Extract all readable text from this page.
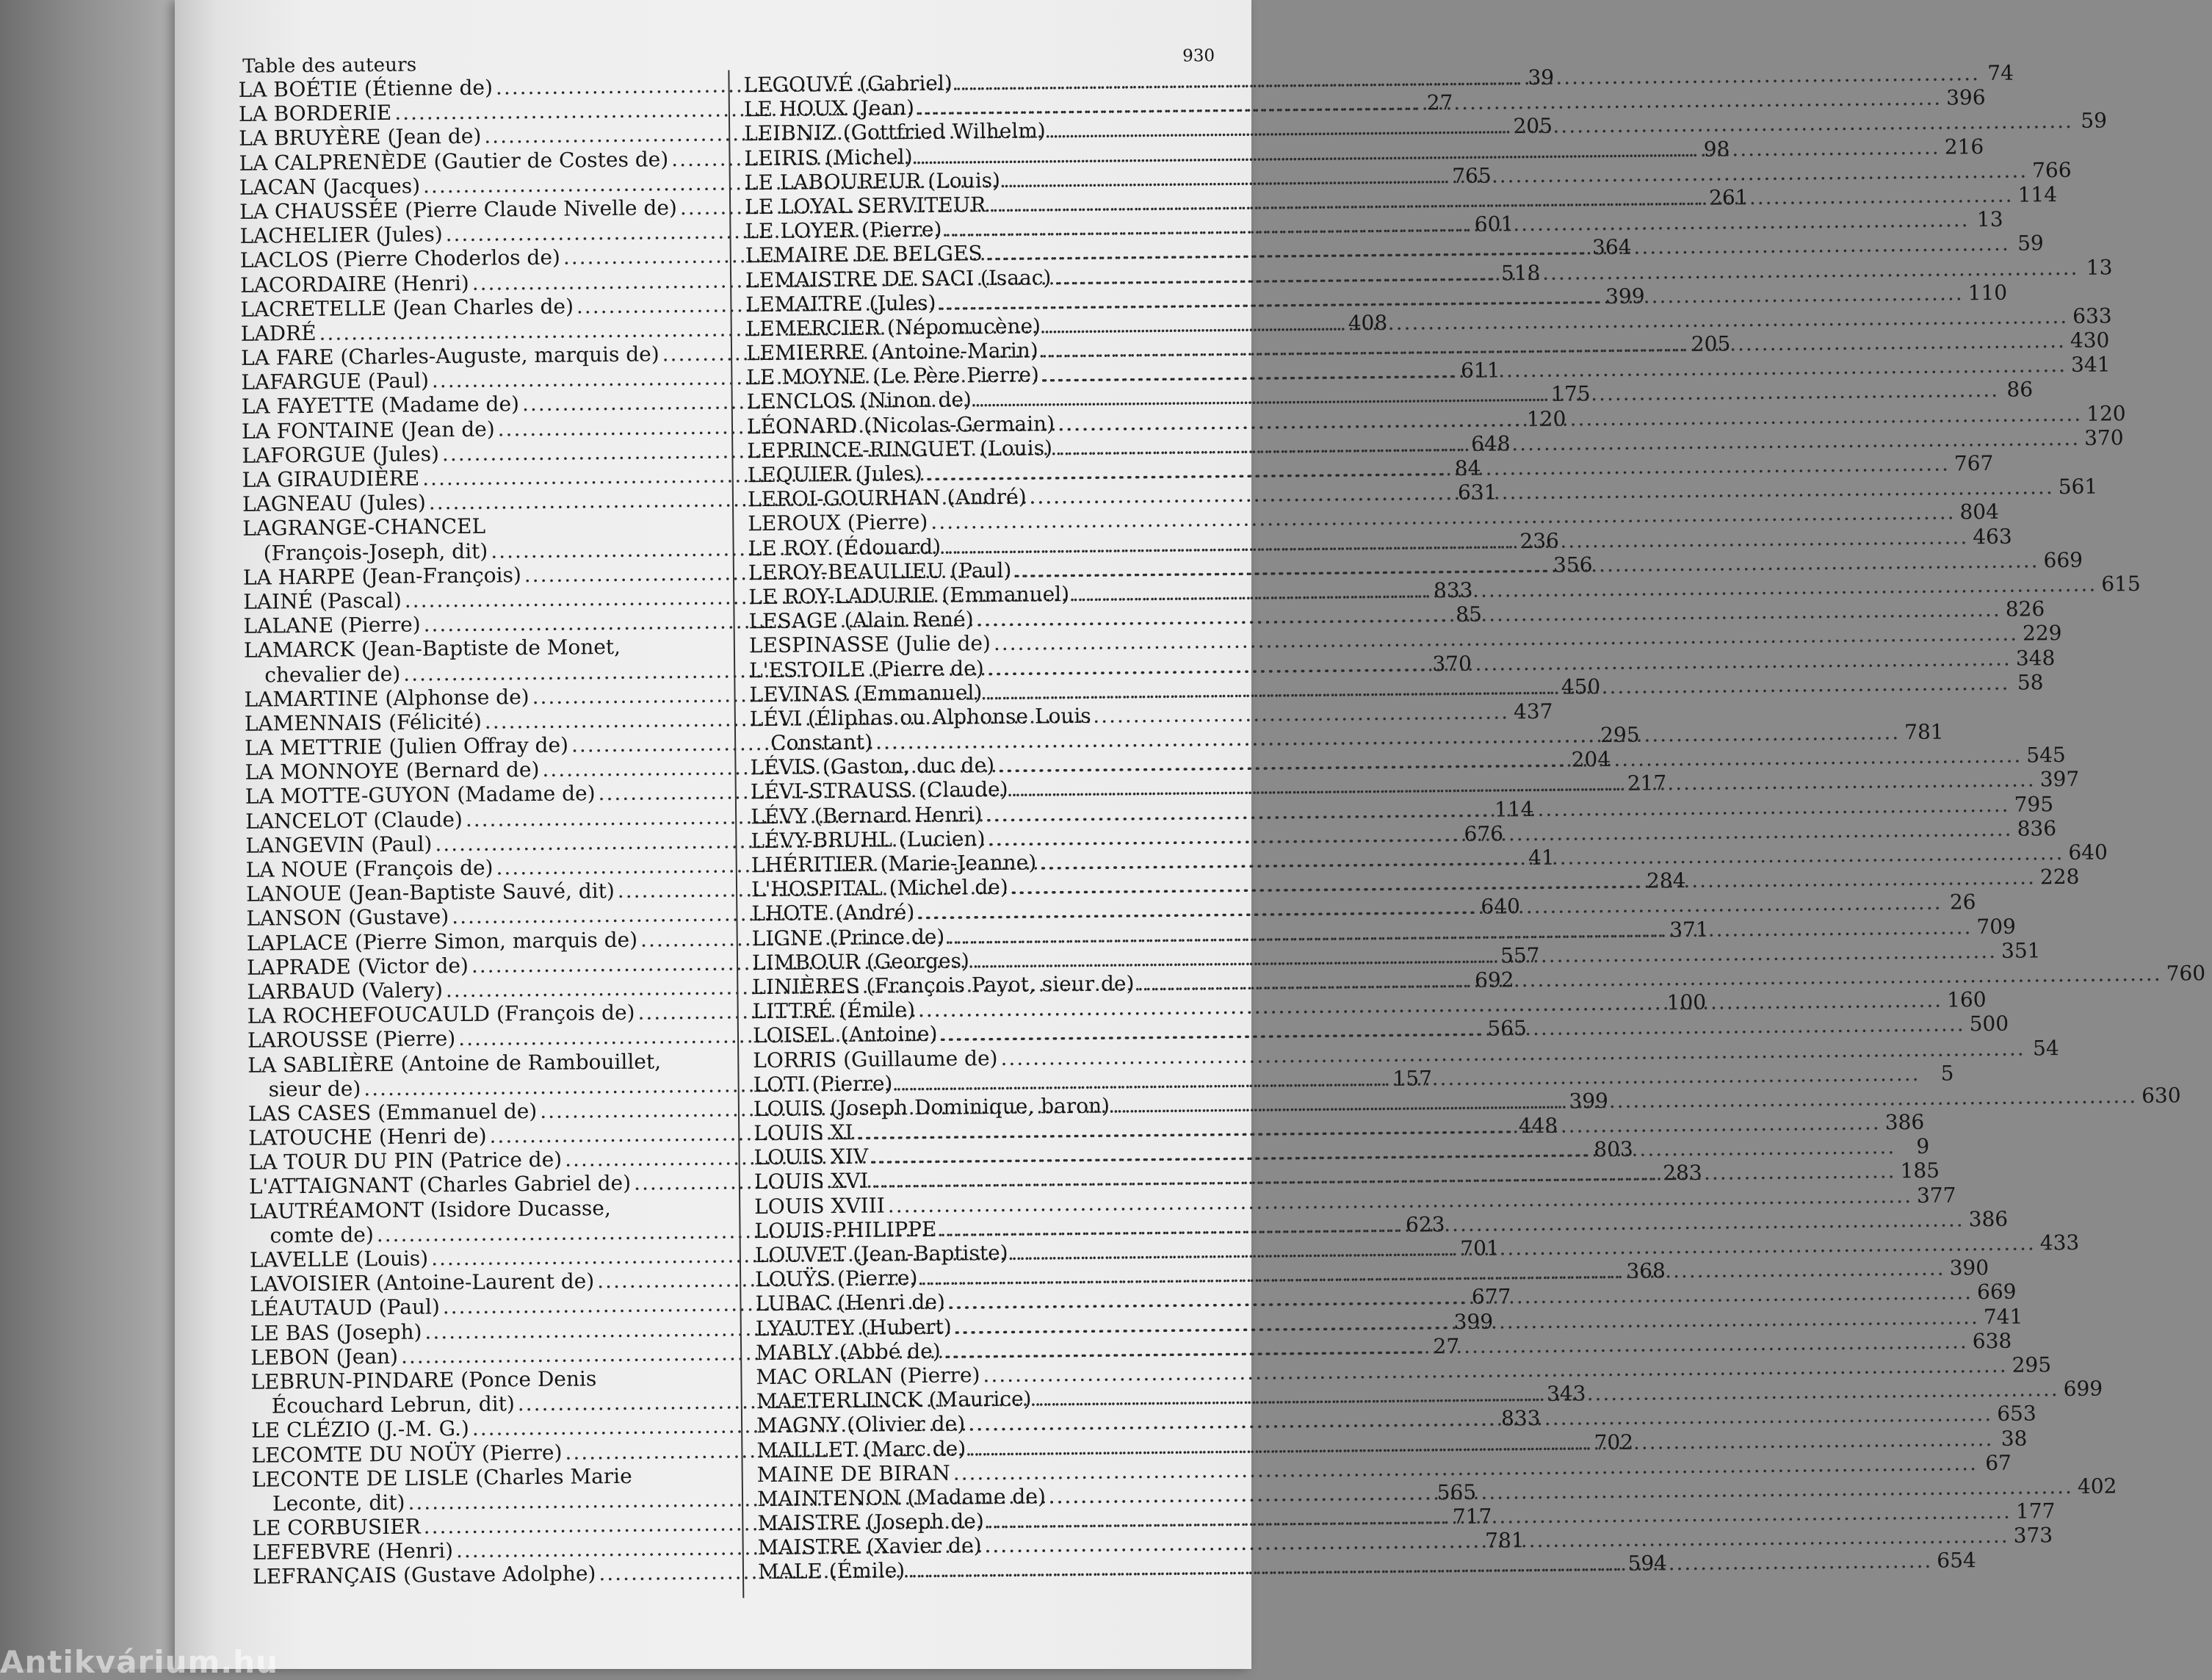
Table des auteurs	930
LA BOÉTIE (Étienne de) .....	39
LA BORDERIE .....	27
LA BRUYÈRE (Jean de) .....	205
LA CALPRENÈDE (Gautier de Costes de) .....	98
LACAN (Jacques) .....	765
LA CHAUSSÉE (Pierre Claude Nivelle de) .....	261
LACHELIER (Jules) .....	601
LACLOS (Pierre Choderlos de) .....	364
LACORDAIRE (Henri) .....	518
LACRETELLE (Jean Charles de) .....	399
LADRÉ .....	408
LA FARE (Charles-Auguste, marquis de) .....	205
LAFARGUE (Paul) .....	611
LA FAYETTE (Madame de) .....	175
LA FONTAINE (Jean de) .....	120
LAFORGUE (Jules) .....	648
LA GIRAUDIÈRE .....	84
LAGNEAU (Jules) .....	631
LAGRANGE-CHANCEL
(François-Joseph, dit) .....	236
LA HARPE (Jean-François) .....	356
LAINÉ (Pascal) .....	833
LALANE (Pierre) .....	85
LAMARCK (Jean-Baptiste de Monet,
chevalier de) .....	370
LAMARTINE (Alphonse de) .....	450
LAMENNAIS (Félicité) .....	437
LA METTRIE (Julien Offray de) .....	295
LA MONNOYE (Bernard de) .....	204
LA MOTTE-GUYON (Madame de) .....	217
LANCELOT (Claude) .....	114
LANGEVIN (Paul) .....	676
LA NOUE (François de) .....	41
LANOUE (Jean-Baptiste Sauvé, dit) .....	284
LANSON (Gustave) .....	640
LAPLACE (Pierre Simon, marquis de) .....	371
LAPRADE (Victor de) .....	557
LARBAUD (Valery) .....	692
LA ROCHEFOUCAULD (François de) .....	100
LAROUSSE (Pierre) .....	565
LA SABLIÈRE (Antoine de Rambouillet,
sieur de) .....	157
LAS CASES (Emmanuel de) .....	399
LATOUCHE (Henri de) .....	448
LA TOUR DU PIN (Patrice de) .....	803
L'ATTAIGNANT (Charles Gabriel de) .....	283
LAUTRÉAMONT (Isidore Ducasse,
comte de) .....	623
LAVELLE (Louis) .....	701
LAVOISIER (Antoine-Laurent de) .....	368
LÉAUTAUD (Paul) .....	677
LE BAS (Joseph) .....	399
LEBON (Jean) .....	27
LEBRUN-PINDARE (Ponce Denis
Écouchard Lebrun, dit) .....	343
LE CLÉZIO (J.-M. G.) .....	833
LECOMTE DU NOÜY (Pierre) .....	702
LECONTE DE LISLE (Charles Marie
Leconte, dit) .....	565
LE CORBUSIER .....	717
LEFEBVRE (Henri) .....	781
LEFRANÇAIS (Gustave Adolphe) .....	594
LEGOUVÉ (Gabriel) .....	74
LE HOUX (Jean) .....	396
LEIBNIZ (Gottfried Wilhelm) .....	59
LEIRIS (Michel) .....	216
LE LABOUREUR (Louis) .....	766
LE LOYAL SERVITEUR .....	114
LE LOYER (Pierre) .....	13
LEMAIRE DE BELGES .....	59
LEMAISTRE DE SACI (Isaac) .....	13
LEMAITRE (Jules) .....	110
LEMERCIER (Népomucène) .....	633
LEMIERRE (Antoine-Marin) .....	430
LE MOYNE (Le Père Pierre) .....	341
LENCLOS (Ninon de) .....	86
LÉONARD (Nicolas-Germain) .....	120
LEPRINCE-RINGUET (Louis) .....	370
LEQUIER (Jules) .....	767
LEROI-GOURHAN (André) .....	561
LEROUX (Pierre) .....	804
LE ROY (Édouard) .....	463
LEROY-BEAULIEU (Paul) .....	669
LE ROY-LADURIE (Emmanuel) .....	615
LESAGE (Alain René) .....	826
LESPINASSE (Julie de) .....	229
L'ESTOILE (Pierre de) .....	348
LEVINAS (Emmanuel) .....	58
LÉVI (Éliphas ou Alphonse Louis
Constant) .....	781
LÉVIS (Gaston, duc de) .....	545
LÉVI-STRAUSS (Claude) .....	397
LÉVY (Bernard Henri) .....	795
LÉVY-BRUHL (Lucien) .....	836
LHÉRITIER (Marie-Jeanne) .....	640
L'HOSPITAL (Michel de) .....	228
LHOTE (André) .....	26
LIGNE (Prince de) .....	709
LIMBOUR (Georges) .....	351
LINIÈRES (François Payot, sieur de) .....	760
LITTRÉ (Émile) .....	160
LOISEL (Antoine) .....	500
LORRIS (Guillaume de) .....	54
LOTI (Pierre) .....	5
LOUIS (Joseph Dominique, baron) .....	630
LOUIS XI .....	386
LOUIS XIV .....	9
LOUIS XVI .....	185
LOUIS XVIII .....	377
LOUIS-PHILIPPE .....	386
LOUVET (Jean-Baptiste) .....	433
LOUŸS (Pierre) .....	390
LUBAC (Henri de) .....	669
LYAUTEY (Hubert) .....	741
MABLY (Abbé de) .....	638
MAC ORLAN (Pierre) .....	295
MAETERLINCK (Maurice) .....	699
MAGNY (Olivier de) .....	653
MAILLET (Marc de) .....	38
MAINE DE BIRAN .....	67
MAINTENON (Madame de) .....	402
MAISTRE (Joseph de) .....	177
MAISTRE (Xavier de) .....	373
MALE (Émile) .....	654
Antikvárium.hu
